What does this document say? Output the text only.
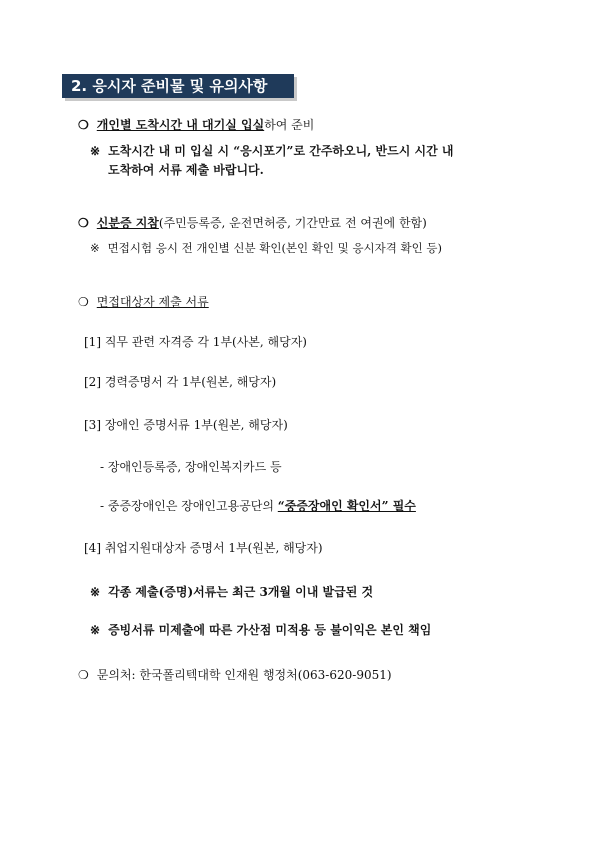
2. 응시자 준비물 및 유의사항
❍ 개인별 도착시간 내 대기실 입실하여 준비
※ 도착시간 내 미 입실 시 “응시포기”로 간주하오니, 반드시 시간 내
도착하여 서류 제출 바랍니다.
❍ 신분증 지참(주민등록증, 운전면허증, 기간만료 전 여권에 한함)
※ 면접시험 응시 전 개인별 신분 확인(본인 확인 및 응시자격 확인 등)
❍ 면접대상자 제출 서류
[1] 직무 관련 자격증 각 1부(사본, 해당자)
[2] 경력증명서 각 1부(원본, 해당자)
[3] 장애인 증명서류 1부(원본, 해당자)
- 장애인등록증, 장애인복지카드 등
- 중증장애인은 장애인고용공단의 “중증장애인 확인서” 필수
[4] 취업지원대상자 증명서 1부(원본, 해당자)
※ 각종 제출(증명)서류는 최근 3개월 이내 발급된 것
※ 증빙서류 미제출에 따른 가산점 미적용 등 불이익은 본인 책임
❍ 문의처: 한국폴리텍대학 인재원 행정처(063-620-9051)
